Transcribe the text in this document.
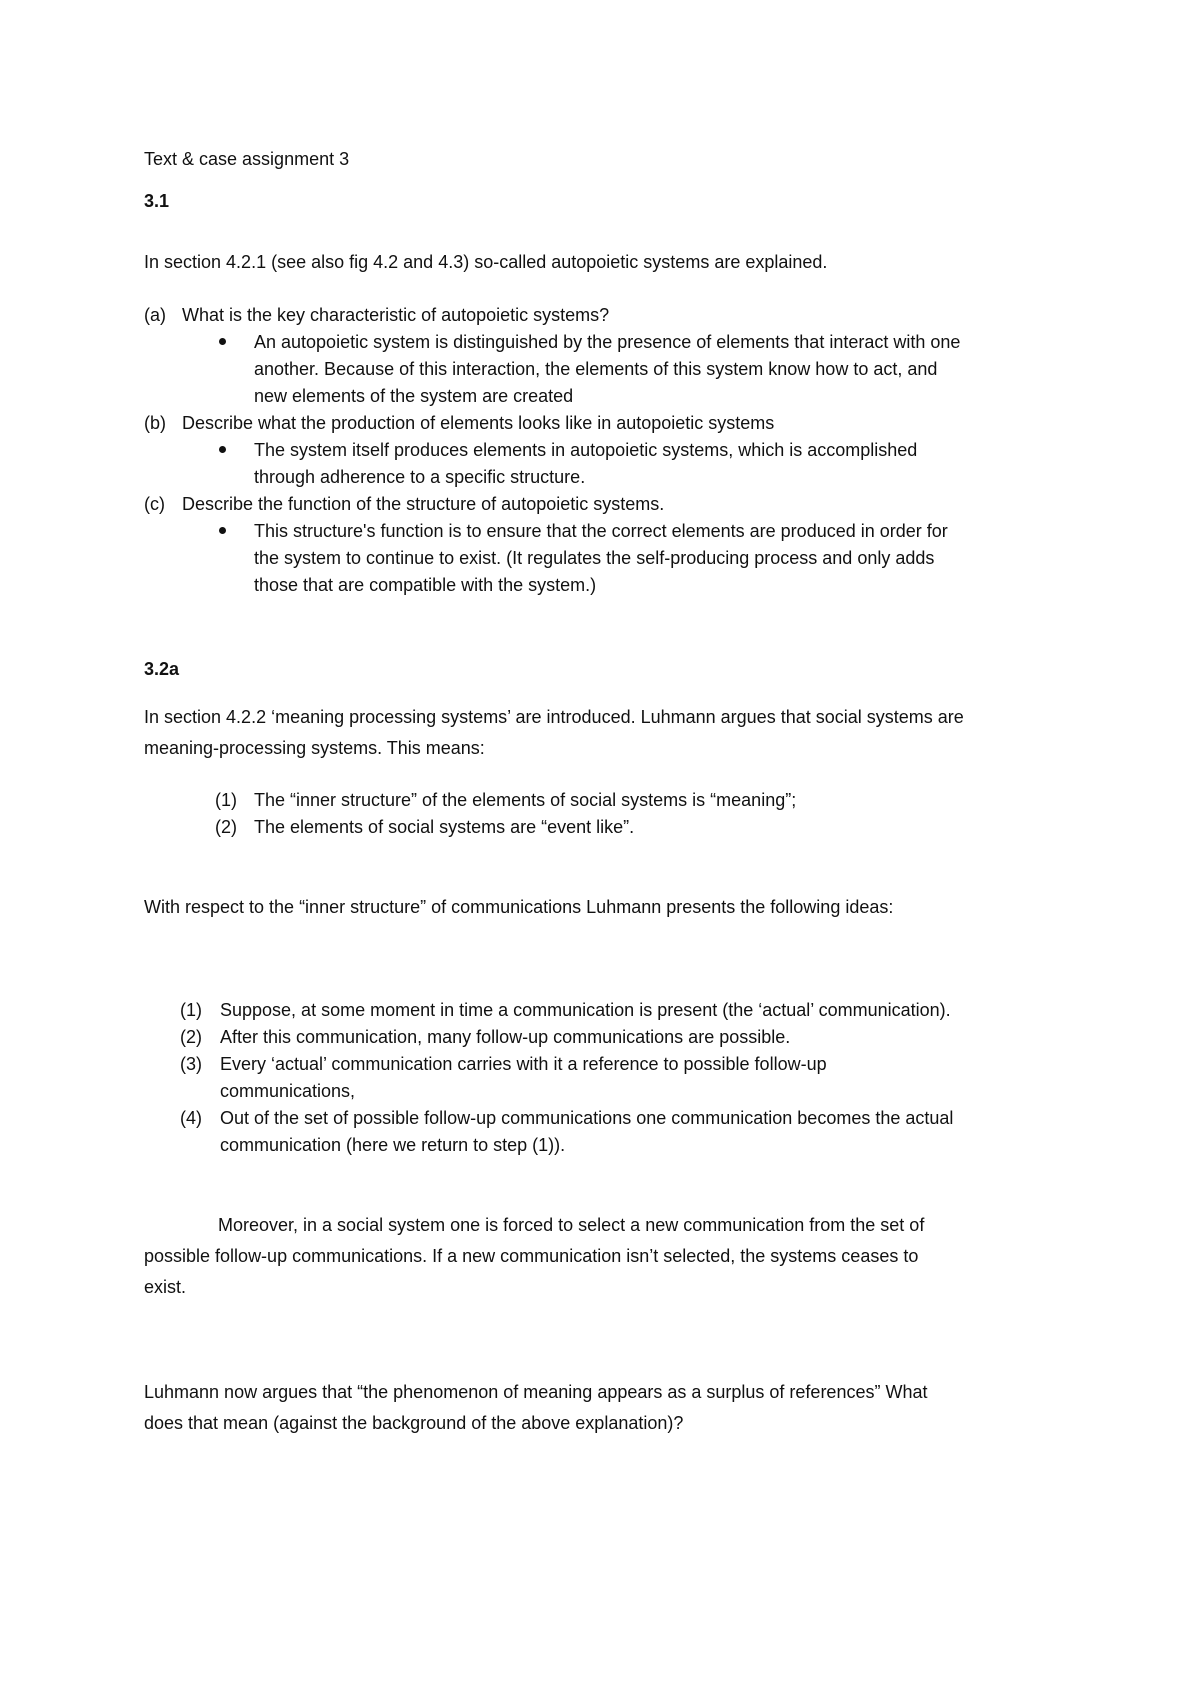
Text & case assignment 3
3.1
In section 4.2.1 (see also fig 4.2 and 4.3) so-called autopoietic systems are explained.
(a) What is the key characteristic of autopoietic systems?
An autopoietic system is distinguished by the presence of elements that interact with one
another. Because of this interaction, the elements of this system know how to act, and
new elements of the system are created
(b) Describe what the production of elements looks like in autopoietic systems
The system itself produces elements in autopoietic systems, which is accomplished
through adherence to a specific structure.
(c) Describe the function of the structure of autopoietic systems.
This structure's function is to ensure that the correct elements are produced in order for
the system to continue to exist. (It regulates the self-producing process and only adds
those that are compatible with the system.)
3.2a
In section 4.2.2 ‘meaning processing systems’ are introduced. Luhmann argues that social systems are
meaning-processing systems. This means:
(1) The “inner structure” of the elements of social systems is “meaning”;
(2) The elements of social systems are “event like”.
With respect to the “inner structure” of communications Luhmann presents the following ideas:
(1) Suppose, at some moment in time a communication is present (the ‘actual’ communication).
(2) After this communication, many follow-up communications are possible.
(3) Every ‘actual’ communication carries with it a reference to possible follow-up
communications,
(4) Out of the set of possible follow-up communications one communication becomes the actual
communication (here we return to step (1)).
Moreover, in a social system one is forced to select a new communication from the set of
possible follow-up communications. If a new communication isn’t selected, the systems ceases to
exist.
Luhmann now argues that “the phenomenon of meaning appears as a surplus of references” What
does that mean (against the background of the above explanation)?
